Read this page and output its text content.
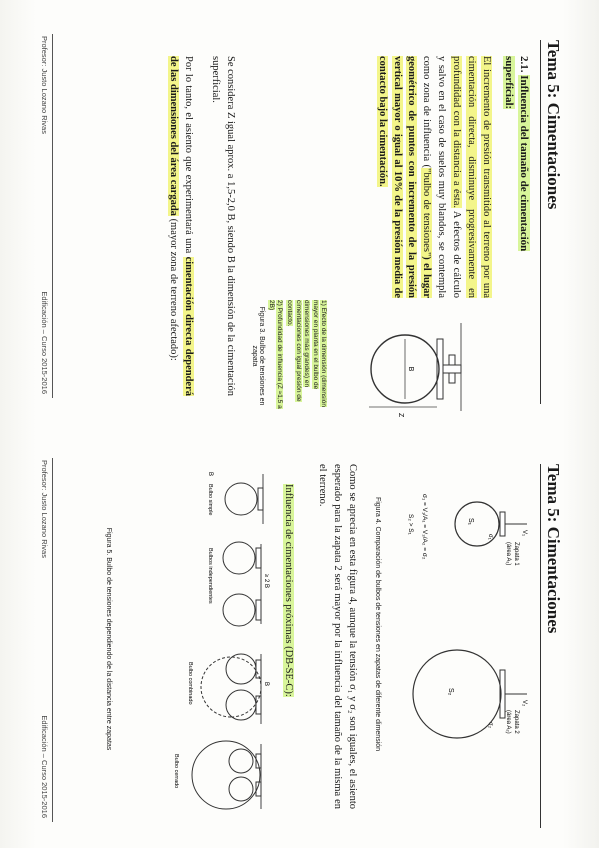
Tema 5: Cimentaciones
2.1. Influencia del tamaño de cimentación superficial:
El incremento de presión transmitido al terreno por una cimentación directa, disminuye progresivamente en profundidad con la distancia a ésta. A efectos de cálculo y salvo en el caso de suelos muy blandos, se contempla como zona de influencia ("bulbo de tensiones") el lugar geométrico de puntos con incremento de la presión vertical mayor o igual al 10% de la presión media de contacto bajo la cimentación.
B
Z
1) Efecto de la dimensión (dimensión mayor en planta en el bulbo de dimensiones más grandes) en cimentaciones con igual presión de contacto.
2) Profundidad de influencia (Z ≈1,5 a 2B)
Figura 3. Bulbo de tensiones en zapata
Se considera Z igual aprox. a 1,5-2,0 B, siendo B la dimensión de la cimentación superficial.
Por lo tanto, el asiento que experimentará una cimentación directa dependerá de las dimensiones del área cargada (mayor zona de terreno afectado):
Profesor: Justo Lozano Rivas
Edificación – Curso 2015-2016
Tema 5: Cimentaciones
V₁
Zapata 1
(área A₁)
σ₁
S₁
V₂
Zapata 2
(área A₂)
σ₂
S₂
σ₁ = V₁/A₁ = V₂/A₂ = σ₂
S₂ > S₁
Figura 4. Comparación de bulbos de tensiones en zapatas de diferente dimensión
Como se aprecia en esta figura 4, aunque la tensión σ₁ y σ₂ son iguales, el asiento esperado para la zapata 2 será mayor por la influencia del tamaño de la misma en el terreno.
Influencia de cimentaciones próximas (DB-SE-C):
B
Bulbo simple
≥ 2 B
Bulbos independientes
B
Bulbo combinado
Bulbo cerrado
Figura 5. Bulbo de tensiones dependiendo de la distancia entre zapatas
Profesor: Justo Lozano Rivas
Edificación – Curso 2015-2016
